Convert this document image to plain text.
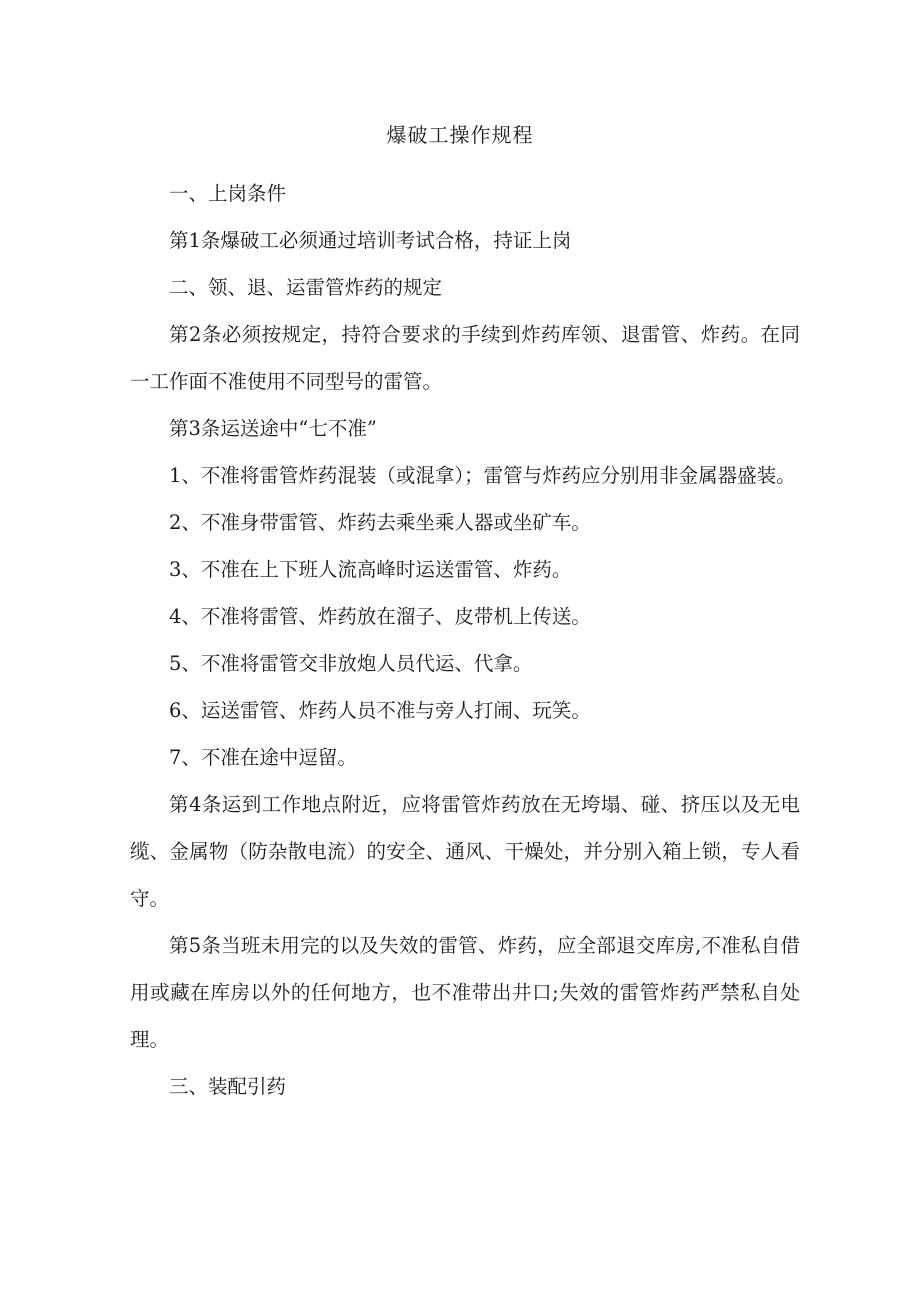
爆破工操作规程

一、上岗条件

第1条爆破工必须通过培训考试合格，持证上岗

二、领、退、运雷管炸药的规定

第2条必须按规定，持符合要求的手续到炸药库领、退雷管、炸药。在同一工作面不准使用不同型号的雷管。

第3条运送途中“七不准”

1、不准将雷管炸药混装（或混拿）；雷管与炸药应分别用非金属器盛装。

2、不准身带雷管、炸药去乘坐乘人器或坐矿车。

3、不准在上下班人流高峰时运送雷管、炸药。

4、不准将雷管、炸药放在溜子、皮带机上传送。

5、不准将雷管交非放炮人员代运、代拿。

6、运送雷管、炸药人员不准与旁人打闹、玩笑。

7、不准在途中逗留。

第4条运到工作地点附近，应将雷管炸药放在无垮塌、碰、挤压以及无电缆、金属物（防杂散电流）的安全、通风、干燥处，并分别入箱上锁，专人看守。

第5条当班未用完的以及失效的雷管、炸药，应全部退交库房,不准私自借用或藏在库房以外的任何地方，也不准带出井口;失效的雷管炸药严禁私自处理。

三、装配引药
